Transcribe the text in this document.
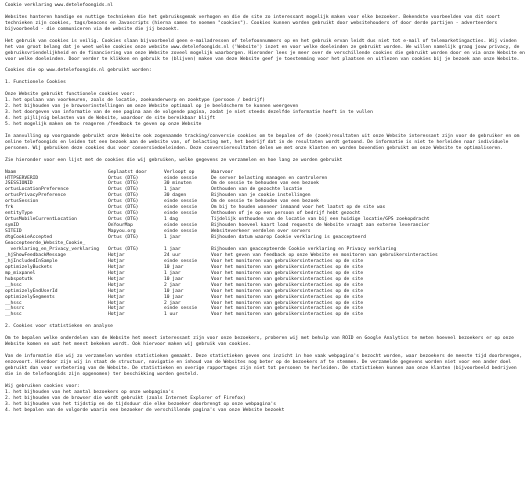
Cookie verklaring www.detelefoongids.nl

Websites hanteren handige en nuttige technieken die het gebruiksgemak verhogen en die de site zo interessant mogelijk maken voor elke bezoeker. Bekendste voorbeelden van dit soort technieken zijn cookies, tags/beacons en Javascripts (hierna samen te noemen "cookies"). Cookies kunnen worden gebruikt door websitehouders of door derde partijen - adverteerders bijvoorbeeld - die communiceren via de website die jij bezoekt.

Het gebruik van cookies is veilig. Cookies slaan bijvoorbeeld geen e-mailadressen of telefoonnummers op en het gebruik ervan leidt dus niet tot e-mail of telemarketingacties. Wij vinden het van groot belang dat je weet welke cookies onze website www.detelefoongids.nl ('Website') inzet en voor welke doeleinden ze gebruikt worden. We willen namelijk graag jouw privacy, de gebruiksvriendelijkheid en de financiering van onze Website zoveel mogelijk waarborgen. Hieronder lees je meer over de verschillende cookies die gebruikt worden door en via onze Website en voor welke doeleinden. Door verder te klikken en gebruik te (blijven) maken van deze Website geef je toestemming voor het plaatsen en uitlezen van cookies bij je bezoek aan onze Website.

Cookies die op www.detelefoongids.nl gebruikt worden:

1. Functionele Cookies

Onze Website gebruikt functionele cookies voor:

1. het opslaan van voorkeuren, zoals de locatie, zoekonderwerp en zoektype (persoon / bedrijf)

2. het bijhouden van je browserinstellingen om onze Website optimaal op je beeldscherm te kunnen weergeven

3. het doorgeven van informatie van de ene pagina aan de volgende pagina, zodat je niet steeds dezelfde informatie hoeft in te vullen

4. het pijlijnig belasten van de Website, waardoor de site bereikbaar blijft

5. het mogelijk maken om te reageren /feedback te geven op onze Website

In aanvulling op voorgaande gebruikt onze Website ook zogenaamde tracking/conversie cookies om te bepalen of de (zoek)resultaten uit onze Website interessant zijn voor de gebruiker en om online telefoongids en leiden tot een bezoek aan de website van, of belacting met, het bedrijf dat in de resultaten wordt getoond. De informatie is niet te herleiden naar individuele personen. Wij gebruiken deze cookies dus voor conversiedoeleinden. Deze conversieresultaten delen we met onze klanten en worden bovendien gebruikt om onze Website te optimaliseren.

Zie hieronder voor een lijst met de cookies die wij gebruiken, welke gegevens ze verzamelen en hoe lang ze worden gebruikt

Naam	Geplaatst door	Verloopt op	Waarvoor
HTTPSERVERID	Ortus (DTG)	einde sessie	De server belasting managen en controleren
JSESSIONID	Ortus (DTG)	30 minuten	Om de sessie te behouden van een bezoek
ortusLocationPreference	Ortus (DTG)	1 jaar	Onthouden van de gezochte locatie
ortusPrivacyPreference	Ortus (DTG)	30 dagen	Bijhouden van je cookie instellingen
ortusSession	Ortus (DTG)	einde sessie	Om de sessie te behouden van een bezoek
frk	Ortus (DTG)	einde sessie	Om bij te houden wanneer inmaand voor het laatst op de site was
entityType	Ortus (DTG)	einde sessie	Onthouden of je op een persoon of bedrijf hebt gezocht
OrtusMobileCurrentLocation	Ortus (DTG)	1 dag	Tijdelijk onthouden van de locatie van bij een huidige locatie/GPS zoekopdracht
symID	OnYourMap	einde sessie	Bijhouden hoeveel kaart load requests de Website vraagt aan externe leverancier
SITEID	Mapyou.org	einde sessie	Websiteverkeer verdelen over servers
dtgCookieAccepted	Ortus (DTG)	1 jaar	Bijhouden datum waarop Cookie verklaring is geaccepteerd
Geaccepteerde_Website_Cookie_			
verklaring_en_Privacy_verklaring	Ortus (DTG)	1 jaar	Bijhouden van geaccepteerde Cookie verklaring en Privacy verklaring
_hjShowFeedbackMessage	Hotjar	24 uur	Voor het geven van feedback op onze Website en monitoren van gebruikersinteracties
_hjIncludedInSample	Hotjar	einde sessie	Voor het monitoren van gebruikersinteracties op de site
optimizelyBuckets	Hotjar	10 jaar	Voor het monitoren van gebruikersinteracties op de site
mp_mixpanel	Hotjar	1 jaar	Voor het monitoren van gebruikersinteracties op de site
hubspotutk	Hotjar	10 jaar	Voor het monitoren van gebruikersinteracties op de site
__hssc	Hotjar	2 jaar	Voor het monitoren van gebruikersinteracties op de site
optimizelyEndUserId	Hotjar	10 jaar	Voor het monitoren van gebruikersinteracties op de site
optimizelySegments	Hotjar	10 jaar	Voor het monitoren van gebruikersinteracties op de site
__hssc	Hotjar	2 jaar	Voor het monitoren van gebruikersinteracties op de site
__hssrc	Hotjar	einde sessie	Voor het monitoren van gebruikersinteracties op de site
__hssc	Hotjar	1 uur	Voor het monitoren van gebruikersinteracties op de site

2. Cookies voor statistieken en analyse

Om te bepalen welke onderdelen van de Website het meest interessant zijn voor onze bezoekers, proberen wij met behulp van ROID en Google Analytics te meten hoeveel bezoekers er op onze Website komen en wat het meest bekeken wordt. Ook hiervoor maken wij gebruik van cookies.

Van de informatie die wij zo verzamelen worden statistieken gemaakt. Deze statistieken geven ons inzicht in hoe vaak webpagina's bezocht worden, waar bezoekers de meeste tijd doorbrengen, enzovoort. Hierdoor zijn wij in staat de structuur, navigatie en inhoud van de Websites nog beter op de bezoekers af te stemmen. De verzamelde gegevens worden niet voor een ander doel gebruikt dan voor verbetering van de Website. De statistieken en overige rapportages zijn niet tot personen te herleiden. De statistieken kunnen aan onze klanten (bijvoorbeeld bedrijven die in de telefoongids zijn opgenomen) ter beschikking worden gesteld.

Wij gebruiken cookies voor:

1. het bijhouden van het aantal bezoekers op onze webpagina's

2. het bijhouden van de browser die wordt gebruikt (zoals Internet Explorer of Firefox)

3. het bijhouden van het tijdstip en de tijdsduur die elke bezoeker doorbrengt op onze webpagina's

4. het bepalen van de volgorde waarin een bezoeker de verschillende pagina's van onze Website bezoekt
